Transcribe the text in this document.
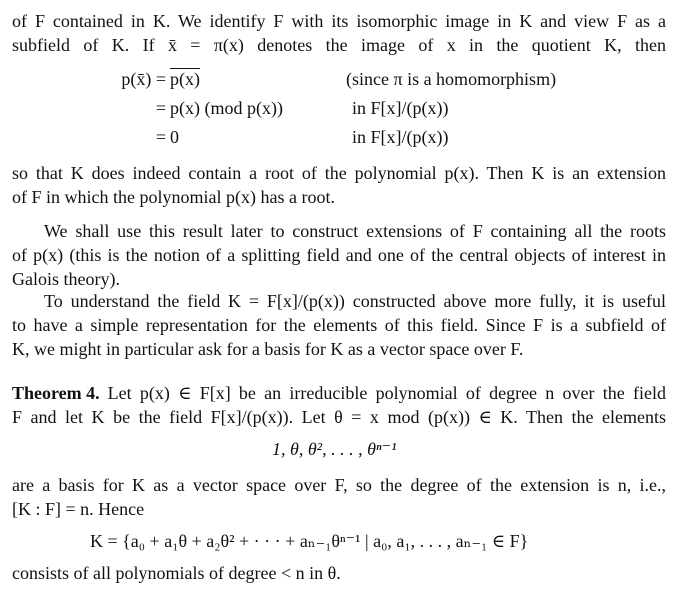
of F contained in K. We identify F with its isomorphic image in K and view F as a
subfield of K. If x̄ = π(x) denotes the image of x in the quotient K, then
p(x̄) = p(x)	(since π is a homomorphism)
= p(x) (mod p(x))	in F[x]/(p(x))
= 0	in F[x]/(p(x))
so that K does indeed contain a root of the polynomial p(x). Then K is an extension
of F in which the polynomial p(x) has a root.
We shall use this result later to construct extensions of F containing all the roots
of p(x) (this is the notion of a splitting field and one of the central objects of interest in
Galois theory).
To understand the field K = F[x]/(p(x)) constructed above more fully, it is useful
to have a simple representation for the elements of this field. Since F is a subfield of
K, we might in particular ask for a basis for K as a vector space over F.
Theorem 4. Let p(x) ∈ F[x] be an irreducible polynomial of degree n over the field
F and let K be the field F[x]/(p(x)). Let θ = x mod (p(x)) ∈ K. Then the elements
1, θ, θ², . . . , θⁿ⁻¹
are a basis for K as a vector space over F, so the degree of the extension is n, i.e.,
[K : F] = n. Hence
K = {a₀ + a₁θ + a₂θ² + · · · + aₙ₋₁θⁿ⁻¹ | a₀, a₁, . . . , aₙ₋₁ ∈ F}
consists of all polynomials of degree < n in θ.
